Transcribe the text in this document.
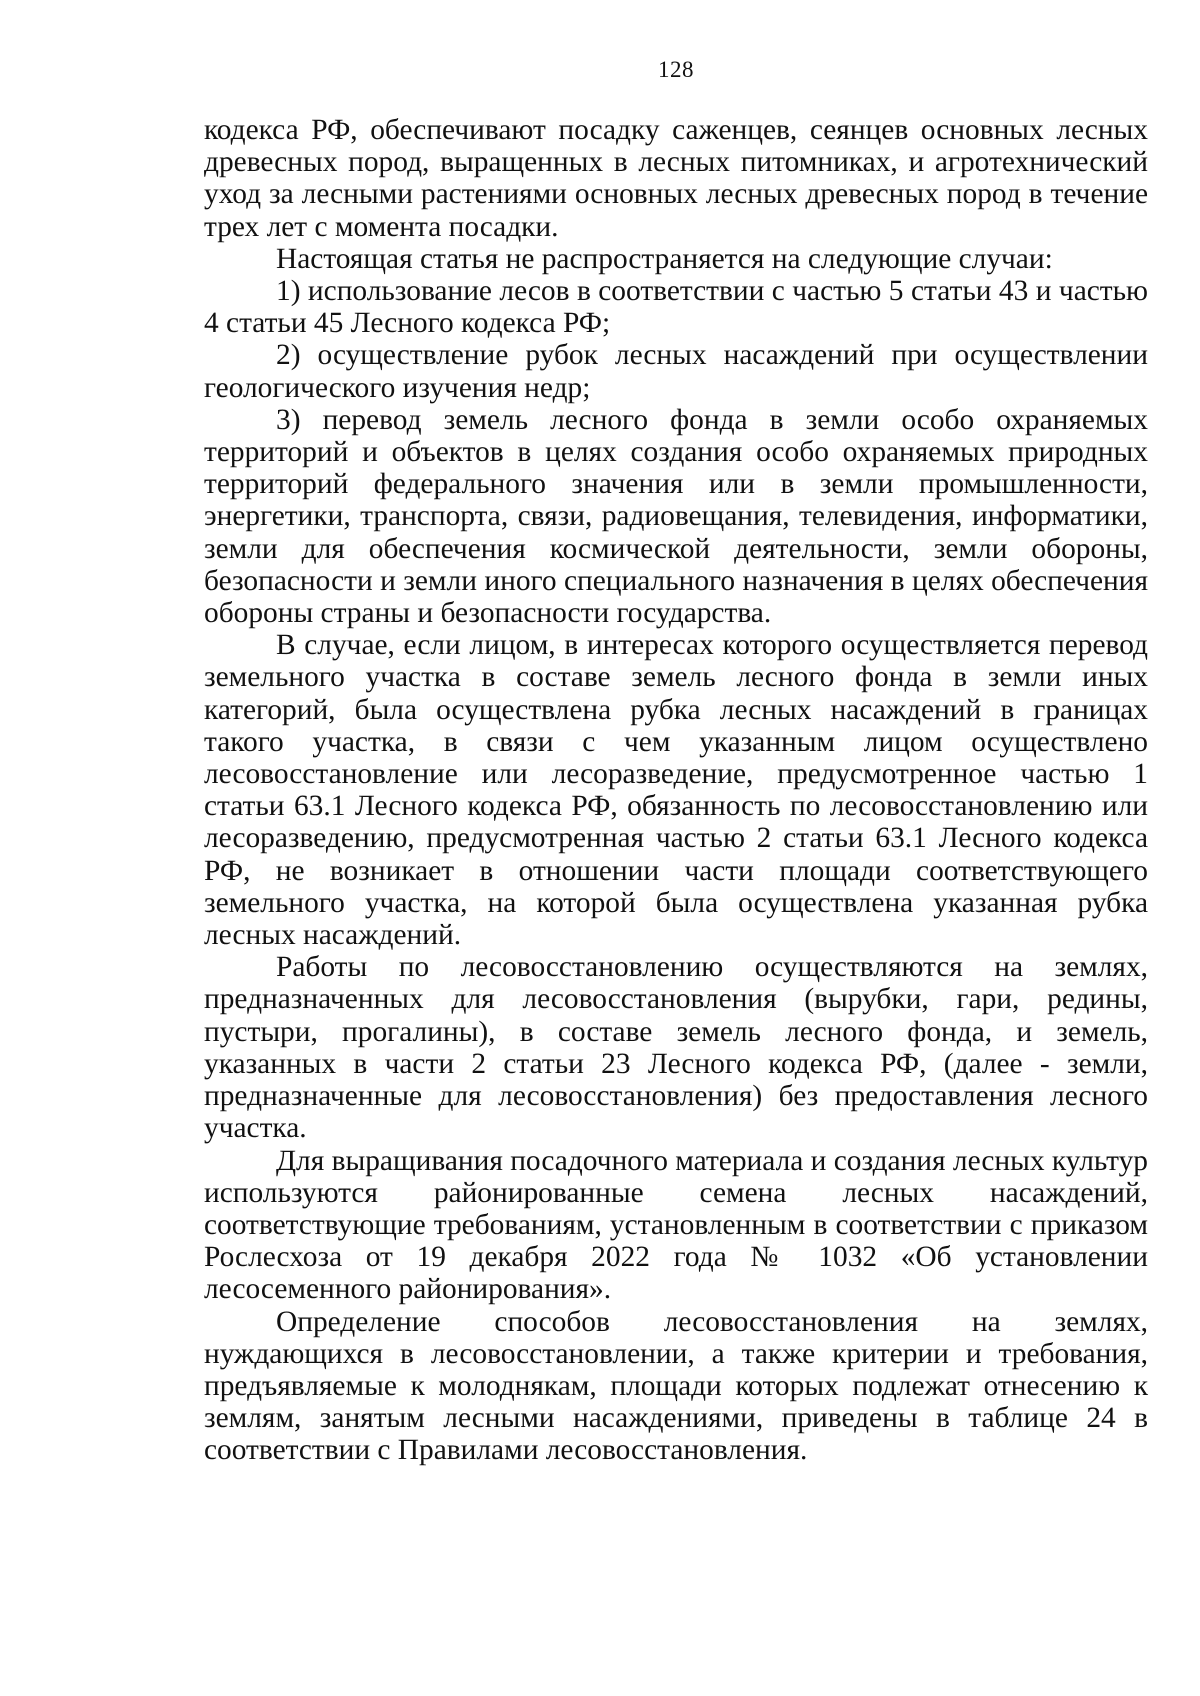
128

кодекса РФ, обеспечивают посадку саженцев, сеянцев основных лесных древесных пород, выращенных в лесных питомниках, и агротехнический уход за лесными растениями основных лесных древесных пород в течение трех лет с момента посадки.

Настоящая статья не распространяется на следующие случаи:

1) использование лесов в соответствии с частью 5 статьи 43 и частью 4 статьи 45 Лесного кодекса РФ;

2) осуществление рубок лесных насаждений при осуществлении геологического изучения недр;

3) перевод земель лесного фонда в земли особо охраняемых территорий и объектов в целях создания особо охраняемых природных территорий федерального значения или в земли промышленности, энергетики, транспорта, связи, радиовещания, телевидения, информатики, земли для обеспечения космической деятельности, земли обороны, безопасности и земли иного специального назначения в целях обеспечения обороны страны и безопасности государства.

В случае, если лицом, в интересах которого осуществляется перевод земельного участка в составе земель лесного фонда в земли иных категорий, была осуществлена рубка лесных насаждений в границах такого участка, в связи с чем указанным лицом осуществлено лесовосстановление или лесоразведение, предусмотренное частью 1 статьи 63.1 Лесного кодекса РФ, обязанность по лесовосстановлению или лесоразведению, предусмотренная частью 2 статьи 63.1 Лесного кодекса РФ, не возникает в отношении части площади соответствующего земельного участка, на которой была осуществлена указанная рубка лесных насаждений.

Работы по лесовосстановлению осуществляются на землях, предназначенных для лесовосстановления (вырубки, гари, редины, пустыри, прогалины), в составе земель лесного фонда, и земель, указанных в части 2 статьи 23 Лесного кодекса РФ, (далее - земли, предназначенные для лесовосстановления) без предоставления лесного участка.

Для выращивания посадочного материала и создания лесных культур используются районированные семена лесных насаждений, соответствующие требованиям, установленным в соответствии с приказом Рослесхоза от 19 декабря 2022 года № 1032 «Об установлении лесосеменного районирования».

Определение способов лесовосстановления на землях, нуждающихся в лесовосстановлении, а также критерии и требования, предъявляемые к молоднякам, площади которых подлежат отнесению к землям, занятым лесными насаждениями, приведены в таблице 24 в соответствии с Правилами лесовосстановления.
